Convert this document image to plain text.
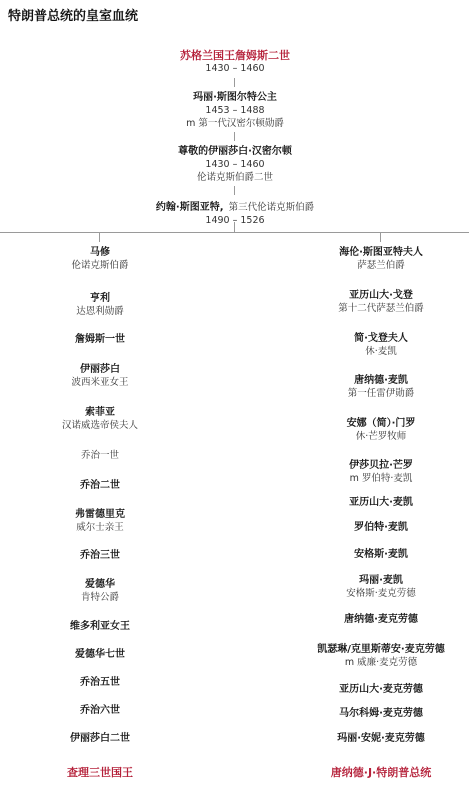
特朗普总统的皇室血统
苏格兰国王詹姆斯二世
1430 – 1460
玛丽·斯图尔特公主
1453 – 1488
m 第一代汉密尔顿勋爵
尊敬的伊丽莎白·汉密尔顿
1430 – 1460
伦诺克斯伯爵二世
约翰·斯图亚特, 第三代伦诺克斯伯爵
1490 – 1526
马修
伦诺克斯伯爵
亨利
达恩利勋爵
詹姆斯一世
伊丽莎白
波西米亚女王
索菲亚
汉诺威选帝侯夫人
乔治一世
乔治二世
弗雷德里克
威尔士亲王
乔治三世
爱德华
肯特公爵
维多利亚女王
爱德华七世
乔治五世
乔治六世
伊丽莎白二世
查理三世国王
海伦·斯图亚特夫人
萨瑟兰伯爵
亚历山大·戈登
第十二代萨瑟兰伯爵
简·戈登夫人
休·麦凯
唐纳德·麦凯
第一任雷伊勋爵
安娜（简）·门罗
休·芒罗牧师
伊莎贝拉·芒罗
m 罗伯特·麦凯
亚历山大·麦凯
罗伯特·麦凯
安格斯·麦凯
玛丽·麦凯
安格斯·麦克劳德
唐纳德·麦克劳德
凯瑟琳/克里斯蒂安·麦克劳德
m 威廉·麦克劳德
亚历山大·麦克劳德
马尔科姆·麦克劳德
玛丽·安妮·麦克劳德
唐纳德·J·特朗普总统
